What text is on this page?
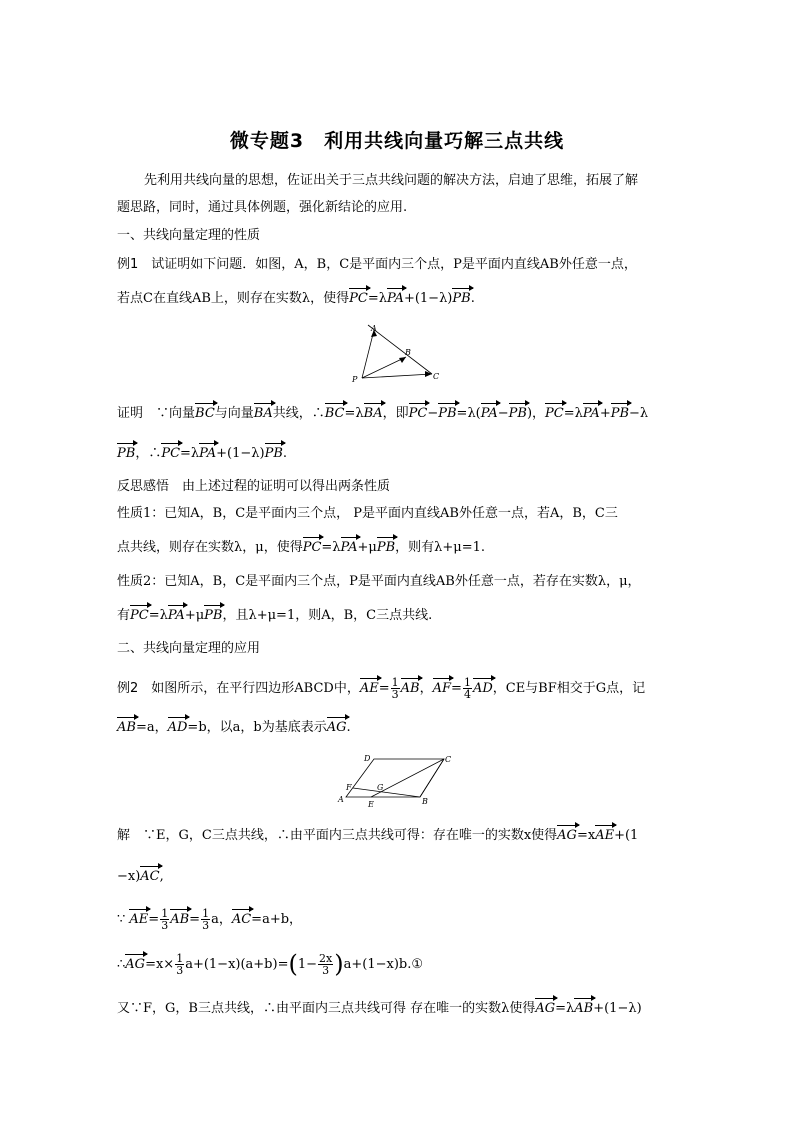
微专题3　利用共线向量巧解三点共线
先利用共线向量的思想，佐证出关于三点共线问题的解决方法，启迪了思维，拓展了解
题思路，同时，通过具体例题，强化新结论的应用.
一、共线向量定理的性质
例1　试证明如下问题．如图，A，B，C是平面内三个点，P是平面内直线AB外任意一点，
若点C在直线AB上，则存在实数λ，使得PC=λPA+(1−λ)PB.
A
B
C
P
证明　∵向量BC与向量BA共线，∴BC=λBA，即PC−PB=λ(PA−PB)，PC=λPA+PB−λ
PB，∴PC=λPA+(1−λ)PB.
反思感悟　由上述过程的证明可以得出两条性质
性质1：已知A，B，C是平面内三个点， P是平面内直线AB外任意一点，若A，B，C三
点共线，则存在实数λ，μ，使得PC=λPA+μPB，则有λ+μ=1.
性质2：已知A，B，C是平面内三个点，P是平面内直线AB外任意一点，若存在实数λ，μ，
有PC=λPA+μPB，且λ+μ=1，则A，B，C三点共线.
二、共线向量定理的应用
例2　如图所示，在平行四边形ABCD中，$AE= \frac{1}{3}$ AB，$AF= \frac{1}{4}$ AD，CE与BF相交于G点，记
AB=a，AD=b，以a，b为基底表示AG.
A	B
C
D
E
F	G
解　∵E，G，C三点共线，∴由平面内三点共线可得：存在唯一的实数x使得AG=xAE+(1
−x)AC,
∵ $AE= \frac{1}{3} AB= \frac{1}{3}$ a，AC=a+b，
∴AG=x× $\frac{1}{3} a+(1-x)(a+b)=(1- \frac{2x}{3}$ )a+(1−x)b.①
又∵F，G，B三点共线，∴由平面内三点共线可得 存在唯一的实数λ使得AG=λAB+(1−λ)
